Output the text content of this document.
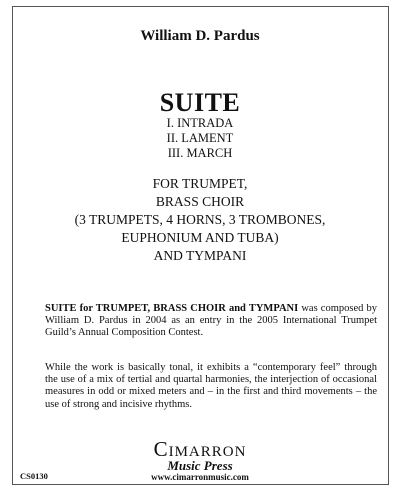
William D. Pardus
SUITE
I. INTRADA
II. LAMENT
III. MARCH
FOR TRUMPET,
BRASS CHOIR
(3 TRUMPETS, 4 HORNS, 3 TROMBONES,
EUPHONIUM AND TUBA)
AND TYMPANI

SUITE for TRUMPET, BRASS CHOIR and TYMPANI was composed by William D. Pardus in 2004 as an entry in the 2005 International Trumpet Guild’s Annual Composition Contest.

While the work is basically tonal, it exhibits a “contemporary feel” through the use of a mix of tertial and quartal harmonies, the interjection of occasional measures in odd or mixed meters and – in the first and third movements – the use of strong and incisive rhythms.

Cimarron
Music Press
www.cimarronmusic.com
CS0130
